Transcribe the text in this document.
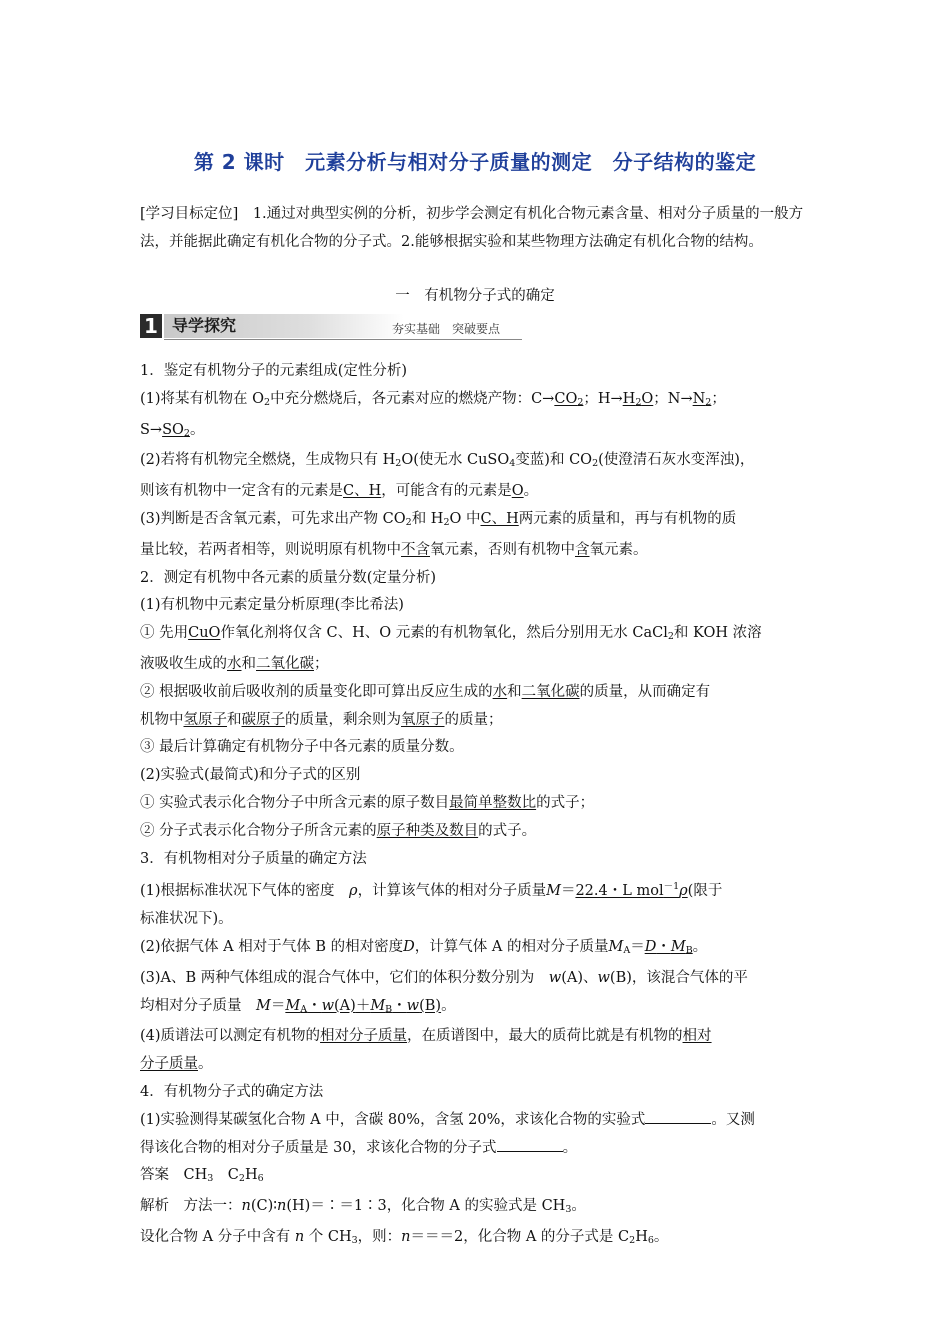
第 2 课时　元素分析与相对分子质量的测定　分子结构的鉴定
[学习目标定位]　 1.通过对典型实例的分析，初步学会测定有机化合物元素含量、相对分子质量的一般方法，并能据此确定有机化合物的分子式。2.能够根据实验和某些物理方法确定有机化合物的结构。
一　有机物分子式的确定
1 导学探究	夯实基础　突破要点

1．鉴定有机物分子的元素组成(定性分析)

(1)将某有机物在 $O_2$中充分燃烧后，各元素对应的燃烧产物：$C\to CO_2$；$H\to H_2O$；$N\to N_2$；

$S\to SO_2$。

(2)若将有机物完全燃烧，生成物只有 $H_2O$(使无水 CuSO$_4$变蓝)和 $CO_2$(使澄清石灰水变浑浊)，

则该有机物中一定含有的元素是C、H，可能含有的元素是O。

(3)判断是否含氧元素，可先求出产物 $CO_2$和 $H_2O$ 中C、H两元素的质量和，再与有机物的质

量比较，若两者相等，则说明原有机物中不含氧元素，否则有机物中含氧元素。

2．测定有机物中各元素的质量分数(定量分析)

(1)有机物中元素定量分析原理(李比希法)

① 先用CuO作氧化剂将仅含 C、H、O 元素的有机物氧化，然后分别用无水 CaCl$_2$和 KOH 浓溶

液吸收生成的水和二氧化碳；

② 根据吸收前后吸收剂的质量变化即可算出反应生成的水和二氧化碳的质量，从而确定有

机物中氢原子和碳原子的质量，剩余则为氧原子的质量；

③ 最后计算确定有机物分子中各元素的质量分数。

(2)实验式(最简式)和分子式的区别

① 实验式表示化合物分子中所含元素的原子数目最简单整数比的式子；

② 分子式表示化合物分子所含元素的原子种类及数目的式子。

3．有机物相对分子质量的确定方法

(1)根据标准状况下气体的密度　 ρ，计算该气体的相对分子质量M＝22.4・L mol$^{-1}$ρ(限于

标准状况下)。

(2)依据气体 A 相对于气体 B 的相对密度D，计算气体 A 的相对分子质量$M_A=D$・$M_B$。

(3)A、B 两种气体组成的混合气体中，它们的体积分数分别为　 w(A)、w(B)，该混合气体的平

均相对分子质量　 $M=M_A$・$w(A)+M_B$・w(B)。

(4)质谱法可以测定有机物的相对分子质量，在质谱图中，最大的质荷比就是有机物的相对

分子质量。

4．有机物分子式的确定方法

(1)实验测得某碳氢化合物 A 中，含碳 80%，含氢 20%，求该化合物的实验式	。又测

得该化合物的相对分子质量是 30，求该化合物的分子式	。

答案　 $CH_3$　 $C_2H_6$

解析　 方法一：n(C)∶n(H)＝∶＝1∶3，化合物 A 的实验式是 $CH_3$。

设化合物 A 分子中含有 n 个 $CH_3$，则：n＝＝＝2，化合物 A 的分子式是 $C_2H_6$。
